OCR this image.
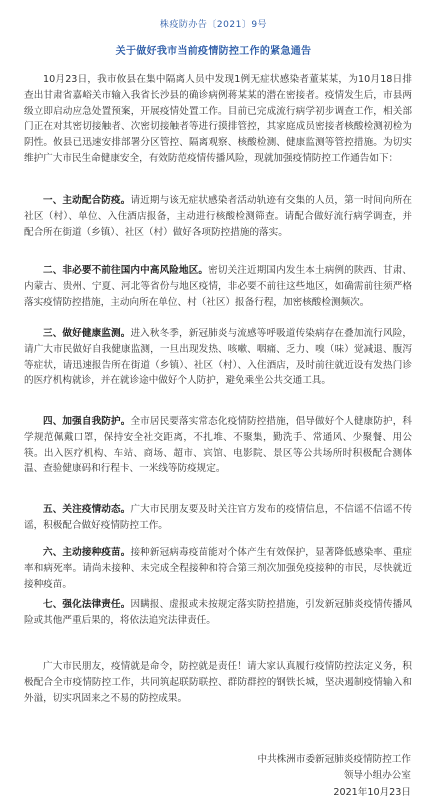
株疫防办告〔2021〕9号
关于做好我市当前疫情防控工作的紧急通告

10月23日，我市攸县在集中隔离人员中发现1例无症状感染者董某某，为10月18日排查出甘肃省嘉峪关市输入我省长沙县的确诊病例蒋某某的潜在密接者。疫情发生后，市县两级立即启动应急处置预案，开展疫情处置工作。目前已完成流行病学初步调查工作，相关部门正在对其密切接触者、次密切接触者等进行摸排管控，其家庭成员密接者核酸检测初检为阴性。攸县已迅速安排部署分区管控、隔离观察、核酸检测、健康监测等管控措施。为切实维护广大市民生命健康安全，有效防范疫情传播风险，现就加强疫情防控工作通告如下：

一、主动配合防疫。请近期与该无症状感染者活动轨迹有交集的人员，第一时间向所在社区（村）、单位、入住酒店报备，主动进行核酸检测筛查。请配合做好流行病学调查，并配合所在街道（乡镇）、社区（村）做好各项防控措施的落实。

二、非必要不前往国内中高风险地区。密切关注近期国内发生本土病例的陕西、甘肃、内蒙古、贵州、宁夏、河北等省份与地区疫情，非必要不前往这些地区，如确需前往须严格落实疫情防控措施，主动向所在单位、村（社区）报备行程，加密核酸检测频次。

三、做好健康监测。进入秋冬季，新冠肺炎与流感等呼吸道传染病存在叠加流行风险，请广大市民做好自我健康监测，一旦出现发热、咳嗽、咽痛、乏力、嗅（味）觉减退、腹泻等症状，请迅速报告所在街道（乡镇）、社区（村）、入住酒店，及时前往就近设有发热门诊的医疗机构就诊，并在就诊途中做好个人防护，避免乘坐公共交通工具。

四、加强自我防护。全市居民要落实常态化疫情防控措施，倡导做好个人健康防护，科学规范佩戴口罩，保持安全社交距离，不扎堆、不聚集，勤洗手、常通风、少聚餐、用公筷。出入医疗机构、车站、商场、超市、宾馆、电影院、景区等公共场所时积极配合测体温、查验健康码和行程卡、一米线等防疫规定。

五、关注疫情动态。广大市民朋友要及时关注官方发布的疫情信息，不信谣不信谣不传谣，积极配合做好疫情防控工作。

六、主动接种疫苗。接种新冠病毒疫苗能对个体产生有效保护，显著降低感染率、重症率和病死率。请尚未接种、未完成全程接种和符合第三剂次加强免疫接种的市民，尽快就近接种疫苗。

七、强化法律责任。因瞒报、虚报或未按规定落实防控措施，引发新冠肺炎疫情传播风险或其他严重后果的，将依法追究法律责任。

广大市民朋友，疫情就是命令，防控就是责任！请大家认真履行疫情防控法定义务，积极配合全市疫情防控工作，共同筑起联防联控、群防群控的钢铁长城，坚决遏制疫情输入和外溢，切实巩固来之不易的防控成果。

中共株洲市委新冠肺炎疫情防控工作
领导小组办公室
2021年10月23日
